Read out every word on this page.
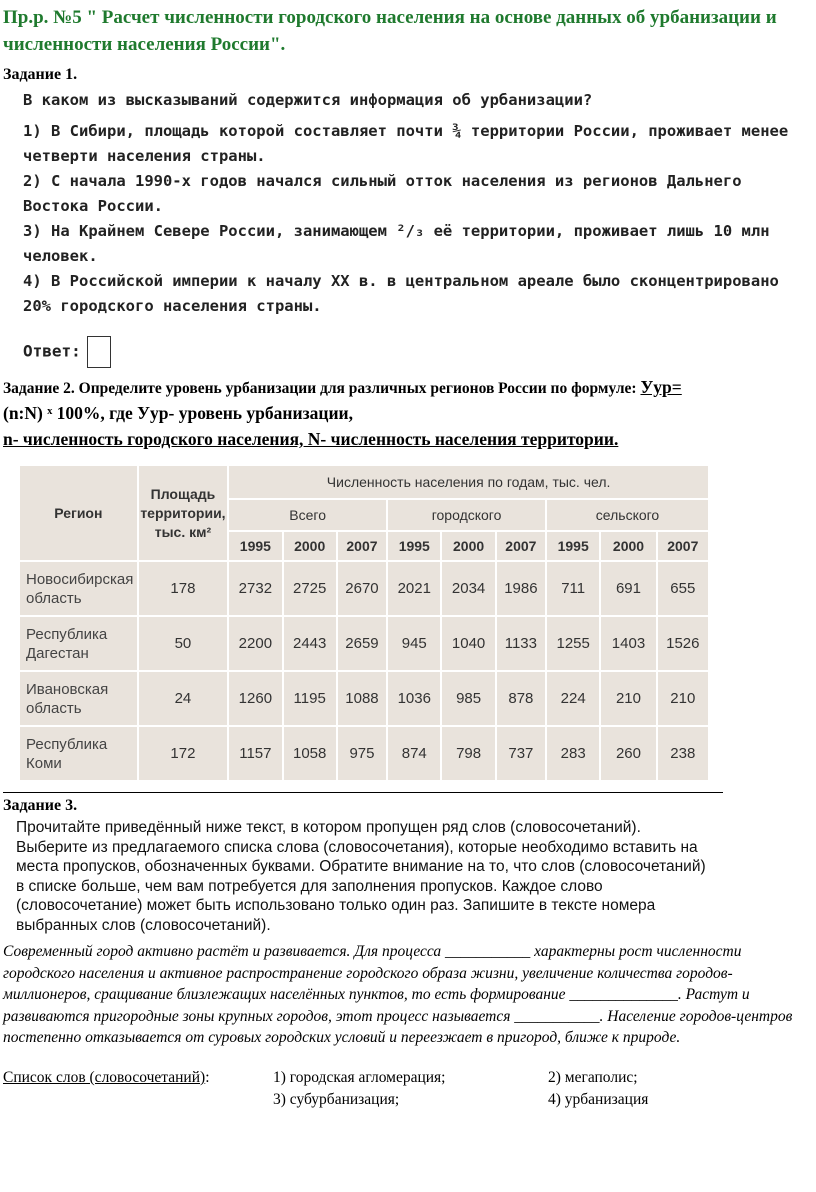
Пр.р. №5 " Расчет численности городского населения на основе данных об урбанизации и численности населения России".
Задание 1.

В каком из высказываний содержится информация об урбанизации?

1) В Сибири, площадь которой составляет почти ¾ территории России, проживает менее четверти населения страны.

2) С начала 1990-х годов начался сильный отток населения из регионов Дальнего Востока России.

3) На Крайнем Севере России, занимающем ²/₃ её территории, проживает лишь 10 млн человек.

4) В Российской империи к началу XX в. в центральном ареале было сконцентрировано 20% городского населения страны.

Ответ:
Задание 2. Определите уровень урбанизации для различных регионов России по формуле: Уур=
(n:N) ˣ 100%, где Уур- уровень урбанизации,
n- численность городского населения, N- численность населения территории.
Регион	Площадь территории, тыс. км²	Численность населения по годам, тыс. чел.								
		Всего			городского			сельского		
		1995	2000	2007	1995	2000	2007	1995	2000	2007
Новосибирская область	178	2732	2725	2670	2021	2034	1986	711	691	655
Республика Дагестан	50	2200	2443	2659	945	1040	1133	1255	1403	1526
Ивановская область	24	1260	1195	1088	1036	985	878	224	210	210
Республика Коми	172	1157	1058	975	874	798	737	283	260	238
Задание 3.

Прочитайте приведённый ниже текст, в котором пропущен ряд слов (словосочетаний). Выберите из предлагаемого списка слова (словосочетания), которые необходимо вставить на места пропусков, обозначенных буквами. Обратите внимание на то, что слов (словосочетаний) в списке больше, чем вам потребуется для заполнения пропусков. Каждое слово (словосочетание) может быть использовано только один раз. Запишите в тексте номера выбранных слов (словосочетаний).

Современный город активно растёт и развивается. Для процесса ___________ характерны рост численности городского населения и активное распространение городского образа жизни, увеличение количества городов-миллионеров, сращивание близлежащих населённых пунктов, то есть формирование ______________. Растут и развиваются пригородные зоны крупных городов, этот процесс называется ___________. Население городов-центров постепенно отказывается от суровых городских условий и переезжает в пригород, ближе к природе.

Список слов (словосочетаний):	1) городская агломерация;	2) мегаполис;
3) субурбанизация;	4) урбанизация
